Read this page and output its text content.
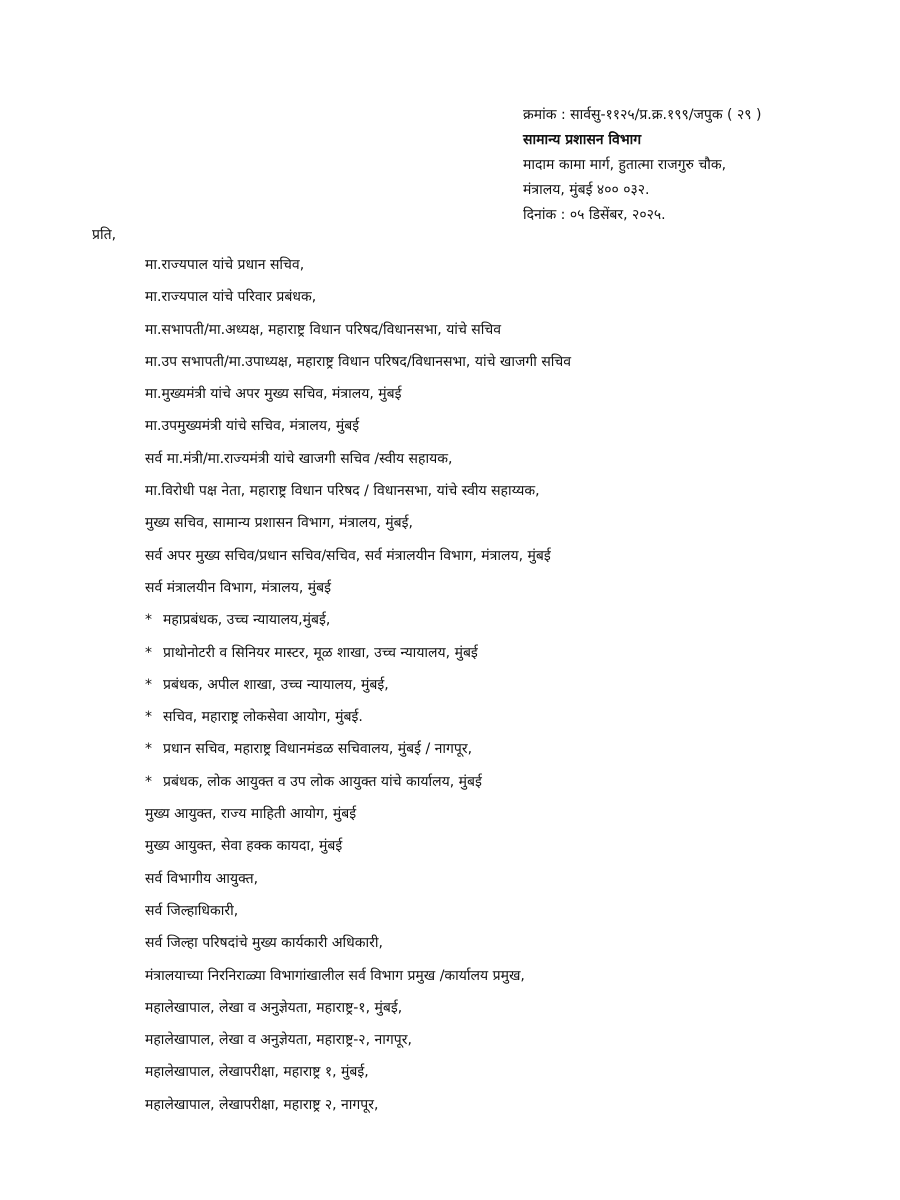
क्रमांक : सार्वसु-११२५/प्र.क्र.१९९/जपुक ( २९ )
सामान्य प्रशासन विभाग
मादाम कामा मार्ग, हुतात्मा राजगुरु चौक,
मंत्रालय, मुंबई ४०० ०३२.
दिनांक : ०५ डिसेंबर, २०२५.
प्रति,
मा.राज्यपाल यांचे प्रधान सचिव,
मा.राज्यपाल यांचे परिवार प्रबंधक,
मा.सभापती/मा.अध्यक्ष, महाराष्ट्र विधान परिषद/विधानसभा, यांचे सचिव
मा.उप सभापती/मा.उपाध्यक्ष, महाराष्ट्र विधान परिषद/विधानसभा, यांचे खाजगी सचिव
मा.मुख्यमंत्री यांचे अपर मुख्य सचिव, मंत्रालय, मुंबई
मा.उपमुख्यमंत्री यांचे सचिव, मंत्रालय, मुंबई
सर्व मा.मंत्री/मा.राज्यमंत्री यांचे खाजगी सचिव /स्वीय सहायक,
मा.विरोधी पक्ष नेता, महाराष्ट्र विधान परिषद / विधानसभा, यांचे स्वीय सहाय्यक,
मुख्य सचिव, सामान्य प्रशासन विभाग, मंत्रालय, मुंबई,
सर्व अपर मुख्य सचिव/प्रधान सचिव/सचिव, सर्व मंत्रालयीन विभाग, मंत्रालय, मुंबई
सर्व मंत्रालयीन विभाग, मंत्रालय, मुंबई
* महाप्रबंधक, उच्च न्यायालय,मुंबई,
* प्राथोनोटरी व सिनियर मास्टर, मूळ शाखा, उच्च न्यायालय, मुंबई
* प्रबंधक, अपील शाखा, उच्च न्यायालय, मुंबई,
* सचिव, महाराष्ट्र लोकसेवा आयोग, मुंबई.
* प्रधान सचिव, महाराष्ट्र विधानमंडळ सचिवालय, मुंबई / नागपूर,
* प्रबंधक, लोक आयुक्त व उप लोक आयुक्त यांचे कार्यालय, मुंबई
मुख्य आयुक्त, राज्य माहिती आयोग, मुंबई
मुख्य आयुक्त, सेवा हक्क कायदा, मुंबई
सर्व विभागीय आयुक्त,
सर्व जिल्हाधिकारी,
सर्व जिल्हा परिषदांचे मुख्य कार्यकारी अधिकारी,
मंत्रालयाच्या निरनिराळ्या विभागांखालील सर्व विभाग प्रमुख /कार्यालय प्रमुख,
महालेखापाल, लेखा व अनुज्ञेयता, महाराष्ट्र-१, मुंबई,
महालेखापाल, लेखा व अनुज्ञेयता, महाराष्ट्र-२, नागपूर,
महालेखापाल, लेखापरीक्षा, महाराष्ट्र १, मुंबई,
महालेखापाल, लेखापरीक्षा, महाराष्ट्र २, नागपूर,
